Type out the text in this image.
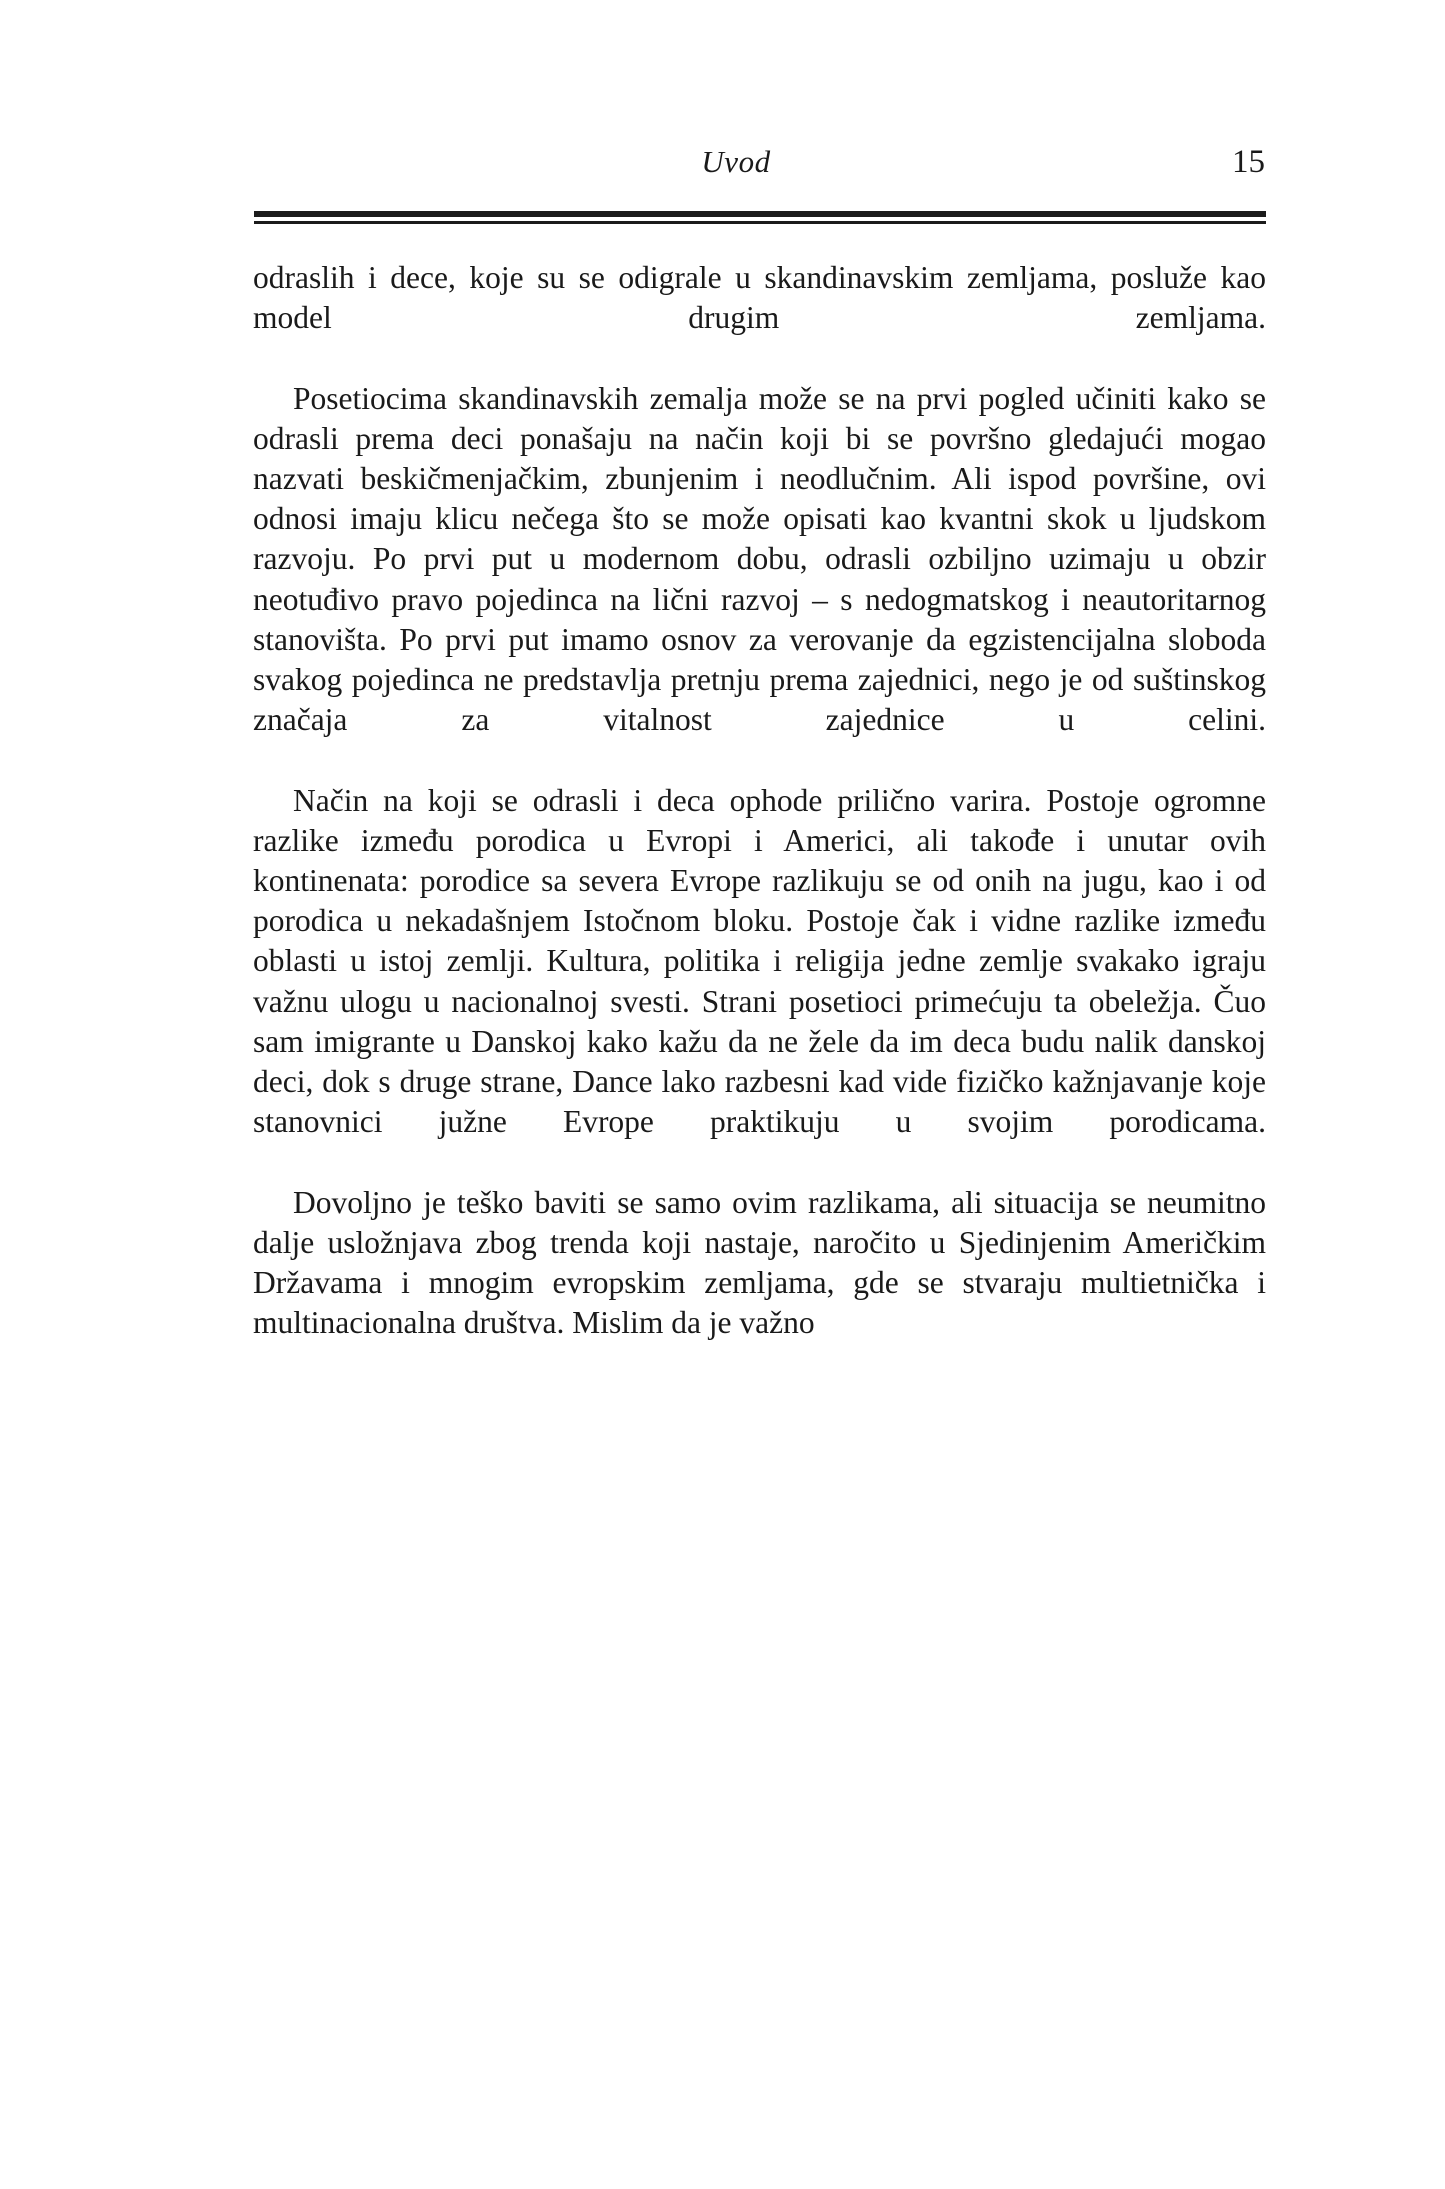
Uvod	15

odraslih i dece, koje su se odigrale u skandinavskim zemljama, posluže kao model drugim zemljama.

Posetiocima skandinavskih zemalja može se na prvi pogled učiniti kako se odrasli prema deci ponašaju na način koji bi se površno gledajući mogao nazvati beskičmenjačkim, zbunjenim i neodlučnim. Ali ispod površine, ovi odnosi imaju klicu nečega što se može opisati kao kvantni skok u ljudskom razvoju. Po prvi put u modernom dobu, odrasli ozbiljno uzimaju u obzir neotuđivo pravo pojedinca na lični razvoj – s nedogmatskog i neautoritarnog stanovišta. Po prvi put imamo osnov za verovanje da egzistencijalna sloboda svakog pojedinca ne predstavlja pretnju prema zajednici, nego je od suštinskog značaja za vitalnost zajednice u celini.

Način na koji se odrasli i deca ophode prilično varira. Postoje ogromne razlike između porodica u Evropi i Americi, ali takođe i unutar ovih kontinenata: porodice sa severa Evrope razlikuju se od onih na jugu, kao i od porodica u nekadašnjem Istočnom bloku. Postoje čak i vidne razlike između oblasti u istoj zemlji. Kultura, politika i religija jedne zemlje svakako igraju važnu ulogu u nacionalnoj svesti. Strani posetioci primećuju ta obeležja. Čuo sam imigrante u Danskoj kako kažu da ne žele da im deca budu nalik danskoj deci, dok s druge strane, Dance lako razbesni kad vide fizičko kažnjavanje koje stanovnici južne Evrope praktikuju u svojim porodicama.

Dovoljno je teško baviti se samo ovim razlikama, ali situacija se neumitno dalje usložnjava zbog trenda koji nastaje, naročito u Sjedinjenim Američkim Državama i mnogim evropskim zemljama, gde se stvaraju multietnička i multinacionalna društva. Mislim da je važno
